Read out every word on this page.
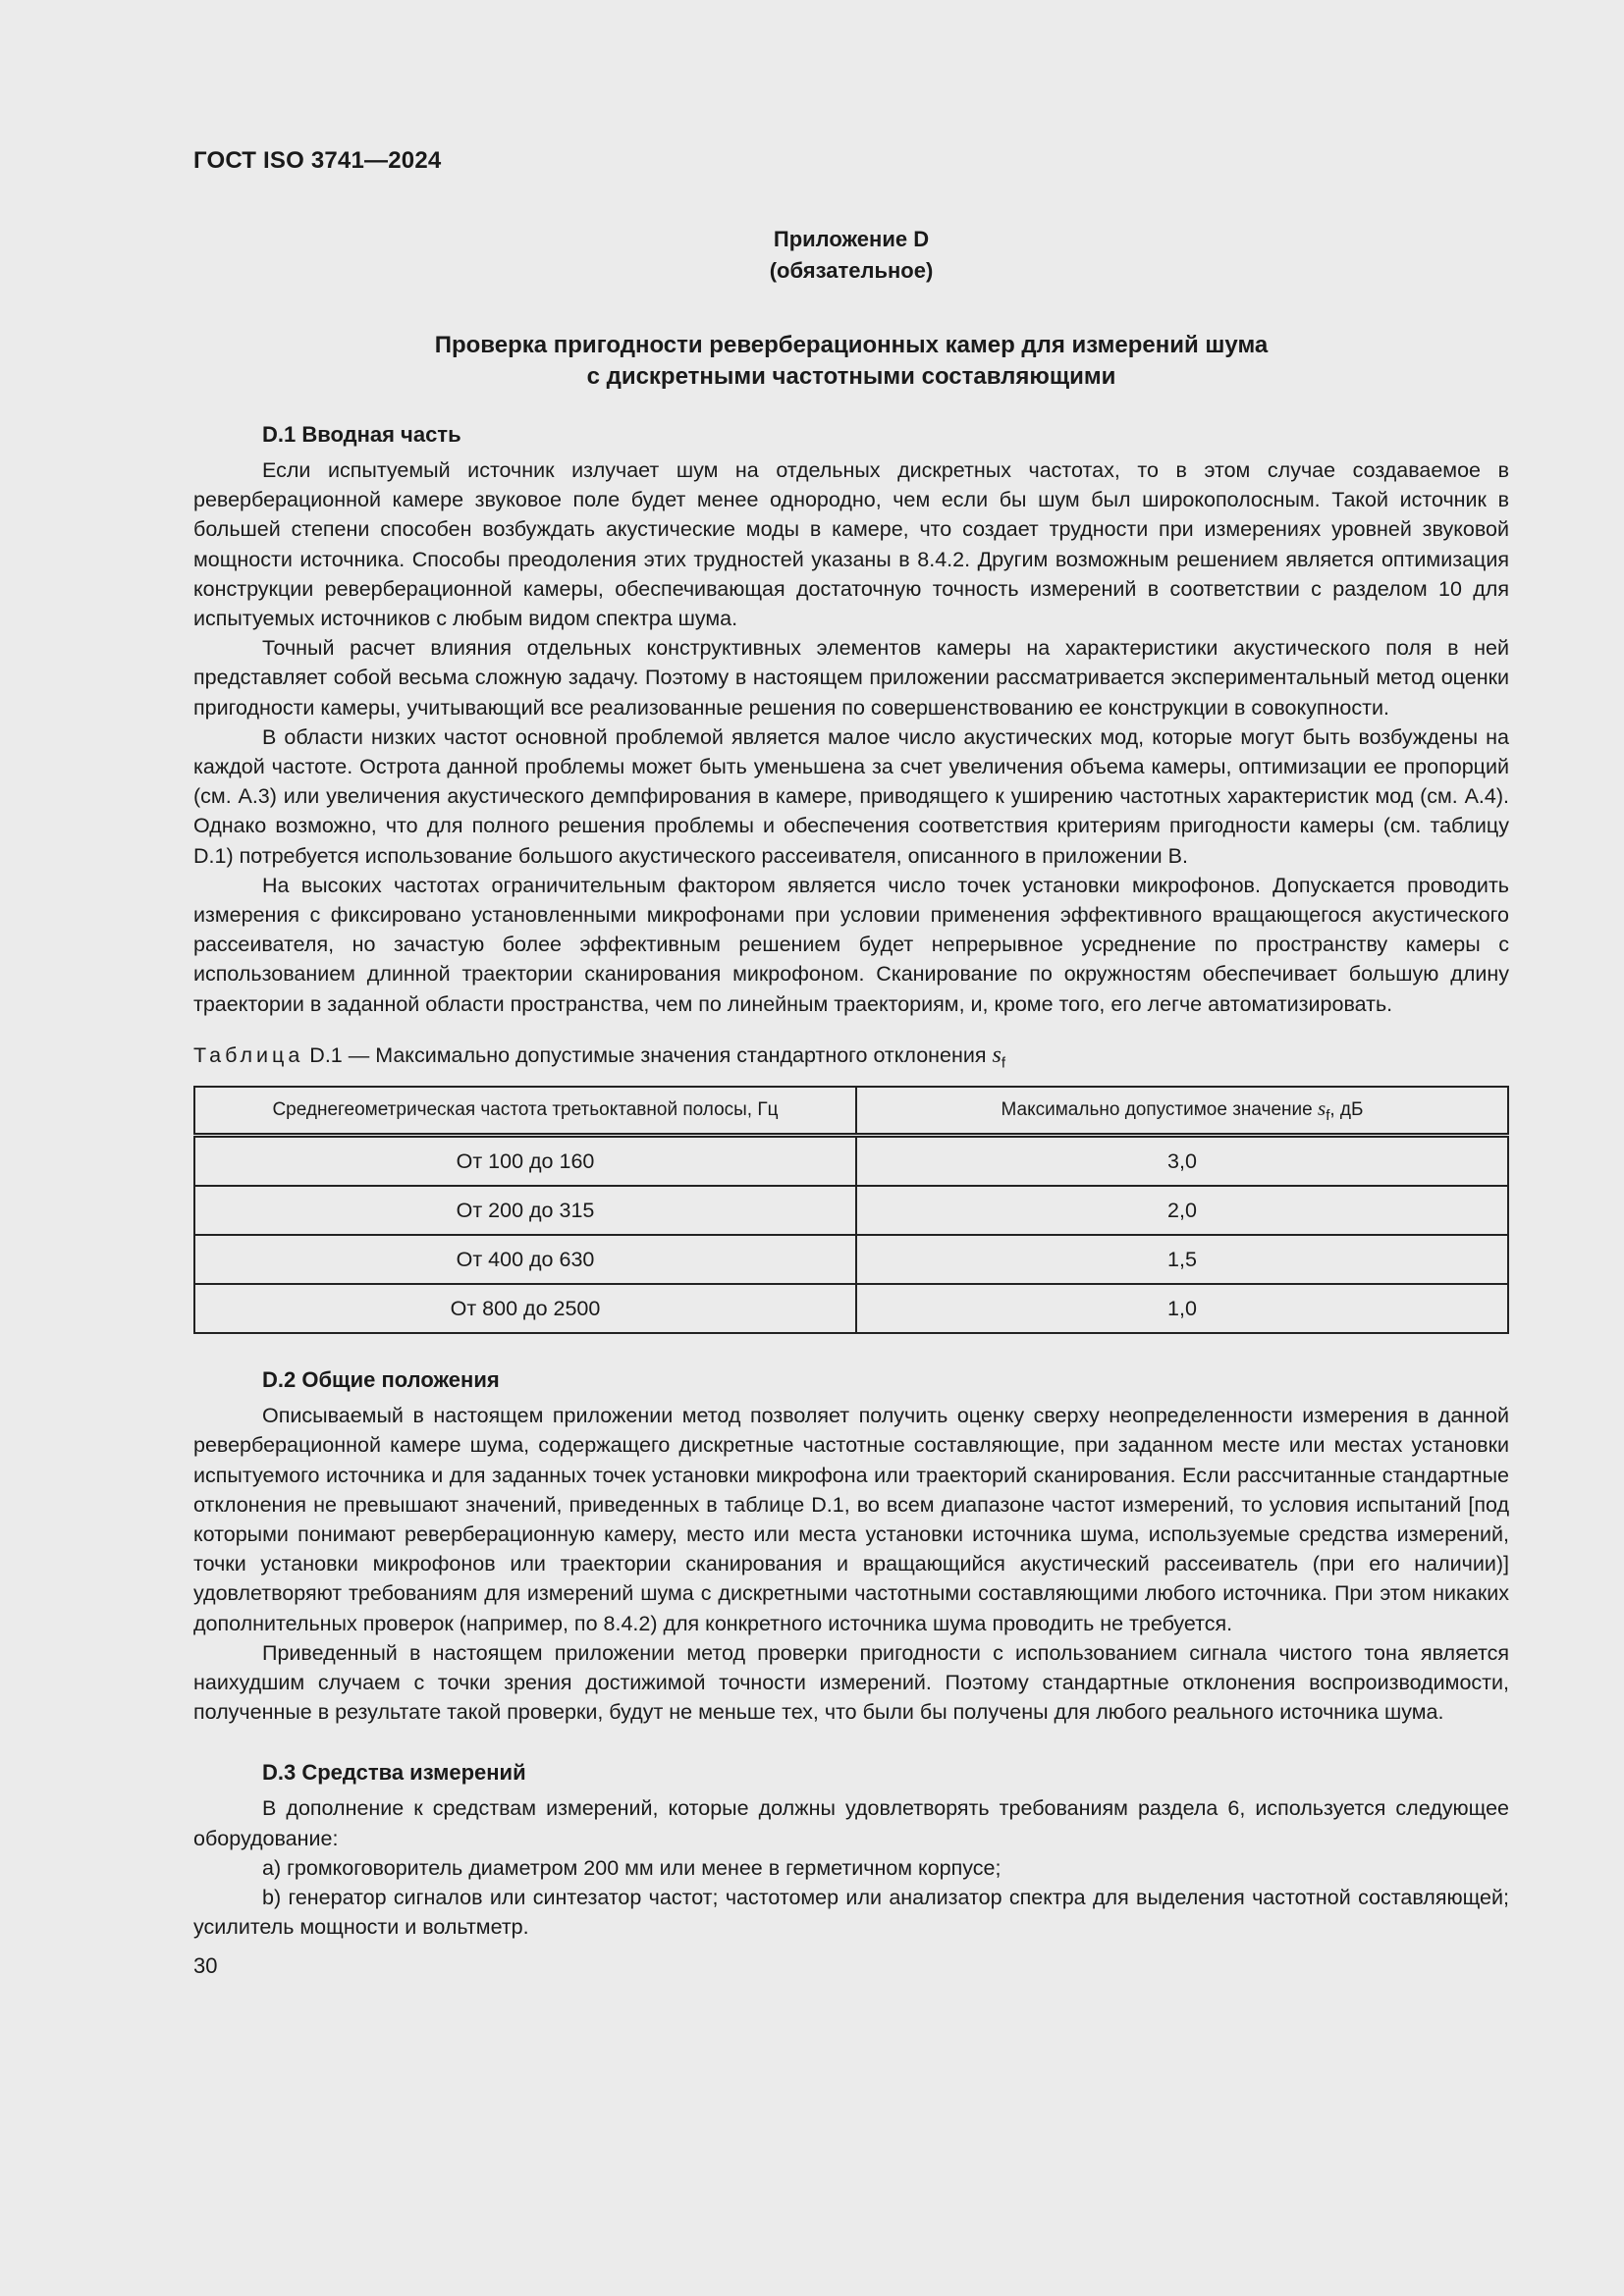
ГОСТ ISO 3741—2024
Приложение D
(обязательное)
Проверка пригодности реверберационных камер для измерений шума
с дискретными частотными составляющими
D.1 Вводная часть

Если испытуемый источник излучает шум на отдельных дискретных частотах, то в этом случае создаваемое в реверберационной камере звуковое поле будет менее однородно, чем если бы шум был широкополосным. Такой источник в большей степени способен возбуждать акустические моды в камере, что создает трудности при измерениях уровней звуковой мощности источника. Способы преодоления этих трудностей указаны в 8.4.2. Другим возможным решением является оптимизация конструкции реверберационной камеры, обеспечивающая достаточную точность измерений в соответствии с разделом 10 для испытуемых источников с любым видом спектра шума.

Точный расчет влияния отдельных конструктивных элементов камеры на характеристики акустического поля в ней представляет собой весьма сложную задачу. Поэтому в настоящем приложении рассматривается экспериментальный метод оценки пригодности камеры, учитывающий все реализованные решения по совершенствованию ее конструкции в совокупности.

В области низких частот основной проблемой является малое число акустических мод, которые могут быть возбуждены на каждой частоте. Острота данной проблемы может быть уменьшена за счет увеличения объема камеры, оптимизации ее пропорций (см. А.3) или увеличения акустического демпфирования в камере, приводящего к уширению частотных характеристик мод (см. А.4). Однако возможно, что для полного решения проблемы и обеспечения соответствия критериям пригодности камеры (см. таблицу D.1) потребуется использование большого акустического рассеивателя, описанного в приложении В.

На высоких частотах ограничительным фактором является число точек установки микрофонов. Допускается проводить измерения с фиксировано установленными микрофонами при условии применения эффективного вращающегося акустического рассеивателя, но зачастую более эффективным решением будет непрерывное усреднение по пространству камеры с использованием длинной траектории сканирования микрофоном. Сканирование по окружностям обеспечивает большую длину траектории в заданной области пространства, чем по линейным траекториям, и, кроме того, его легче автоматизировать.

Таблица D.1 — Максимально допустимые значения стандартного отклонения $s_f$
Среднегеометрическая частота третьоктавной полосы, Гц	Максимально допустимое значение $s_f$, дБ
От 100 до 160	3,0
От 200 до 315	2,0
От 400 до 630	1,5
От 800 до 2500	1,0
D.2 Общие положения

Описываемый в настоящем приложении метод позволяет получить оценку сверху неопределенности измерения в данной реверберационной камере шума, содержащего дискретные частотные составляющие, при заданном месте или местах установки испытуемого источника и для заданных точек установки микрофона или траекторий сканирования. Если рассчитанные стандартные отклонения не превышают значений, приведенных в таблице D.1, во всем диапазоне частот измерений, то условия испытаний [под которыми понимают реверберационную камеру, место или места установки источника шума, используемые средства измерений, точки установки микрофонов или траектории сканирования и вращающийся акустический рассеиватель (при его наличии)] удовлетворяют требованиям для измерений шума с дискретными частотными составляющими любого источника. При этом никаких дополнительных проверок (например, по 8.4.2) для конкретного источника шума проводить не требуется.

Приведенный в настоящем приложении метод проверки пригодности с использованием сигнала чистого тона является наихудшим случаем с точки зрения достижимой точности измерений. Поэтому стандартные отклонения воспроизводимости, полученные в результате такой проверки, будут не меньше тех, что были бы получены для любого реального источника шума.

D.3 Средства измерений

В дополнение к средствам измерений, которые должны удовлетворять требованиям раздела 6, используется следующее оборудование:

a) громкоговоритель диаметром 200 мм или менее в герметичном корпусе;

b) генератор сигналов или синтезатор частот; частотомер или анализатор спектра для выделения частотной составляющей; усилитель мощности и вольтметр.

30
